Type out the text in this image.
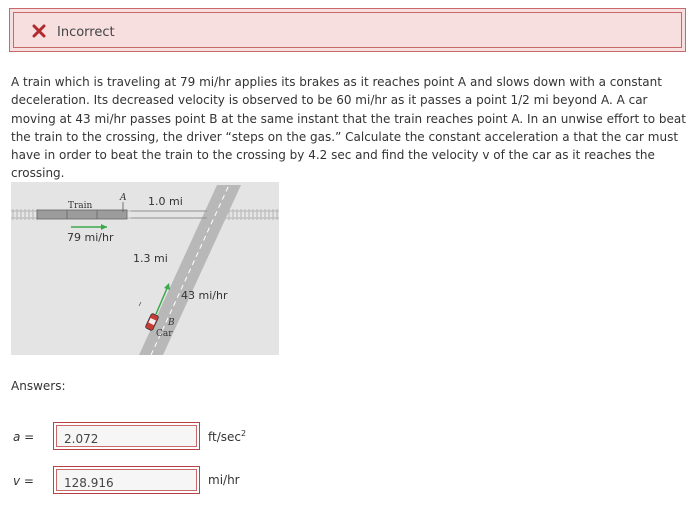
Incorrect
A train which is traveling at 79 mi/hr applies its brakes as it reaches point A and slows down with a constant deceleration. Its decreased velocity is observed to be 60 mi/hr as it passes a point 1/2 mi beyond A. A car moving at 43 mi/hr passes point B at the same instant that the train reaches point A. In an unwise effort to beat the train to the crossing, the driver “steps on the gas.” Calculate the constant acceleration a that the car must have in order to beat the train to the crossing by 4.2 sec and find the velocity v of the car as it reaches the crossing.
Train
A 1.0 mi
79 mi/hr
1.3 mi
43 mi/hr
B
Car
Answers:
a =	2.072	$ft/\sec^2$
v =	128.916	mi/hr
